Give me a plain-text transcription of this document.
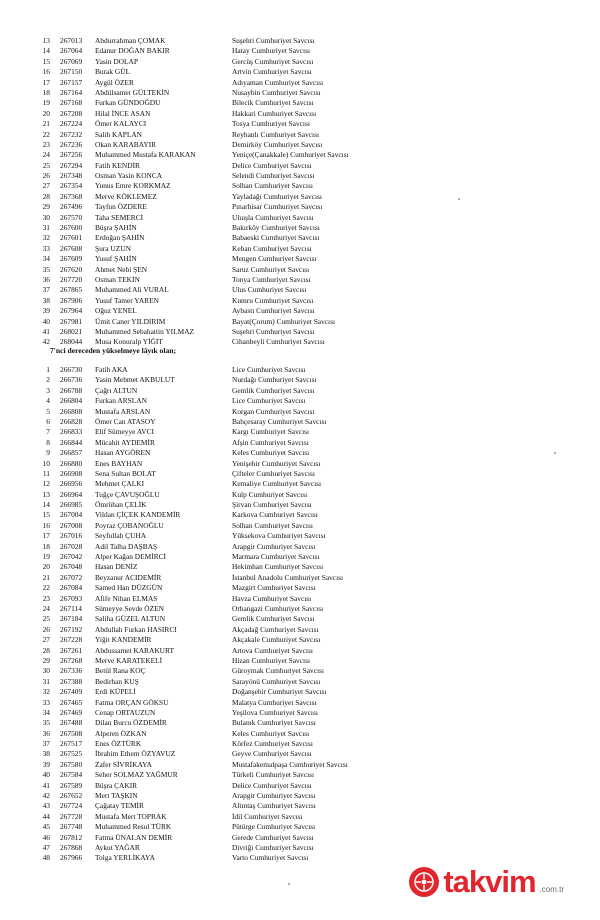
13 267013 Abdurrahman ÇOMAK	Suşehri Cumhuriyet Savcısı
14 267064 Edanur DOĞAN BAKIR	Hatay Cumhuriyet Savcısı
15 267069 Yasin DOLAP	Gercüş Cumhuriyet Savcısı
16 267150 Burak GÜL	Artvin Cumhuriyet Savcısı
17 267157 Aygül ÖZER	Adıyaman Cumhuriyet Savcısı
18 267164 Abdülsamet GÜLTEKİN	Nusaybin Cumhuriyet Savcısı
19 267168 Furkan GÜNDOĞDU	Bilecik Cumhuriyet Savcısı
20 267208 Hilal İNCE ASAN	Hakkari Cumhuriyet Savcısı
21 267224 Ömer KALAYCI	Tosya Cumhuriyet Savcısı
22 267232 Salih KAPLAN	Reyhanlı Cumhuriyet Savcısı
23 267236 Okan KARABAYIR	Demirköy Cumhuriyet Savcısı
24 267256 Muhammed Mustafa KARAKAN	Yeniçe(Çanakkale) Cumhuriyet Savcısı
25 267294 Fatih KENDİR	Delice Cumhuriyet Savcısı
26 267348 Osman Yasin KONCA	Selendi Cumhuriyet Savcısı
27 267354 Yunus Emre KORKMAZ	Solhan Cumhuriyet Savcısı
28 267368 Merve KÖKLEMEZ	Yayladağı Cumhuriyet Savcısı
29 267496 Tayfun ÖZDERE	Pınarhisar Cumhuriyet Savcısı
30 267570 Taha SEMERCİ	Uluışla Cumhuriyet Savcısı
31 267600 Büşra ŞAHİN	Bakırköy Cumhuriyet Savcısı
32 267601 Erdoğan ŞAHİN	Babaeski Cumhuriyet Savcısı
33 267608 Şura UZUN	Keban Cumhuriyet Savcısı
34 267609 Yusuf ŞAHİN	Mengen Cumhuriyet Savcısı
35 267620 Ahmet Nebi ŞEN	Saruz Cumhuriyet Savcısı
36 267720 Osman TEKİN	Tonya Cumhuriyet Savcısı
37 267865 Muhammed Ali VURAL	Ulus Cumhuriyet Savcısı
38 267906 Yusuf Tamer YAREN	Kumru Cumhuriyet Savcısı
39 267964 Oğuz YENEL	Aybastı Cumhuriyet Savcısı
40 267981 Ümit Caner YILDIRIM	Bayat(Çorum) Cumhuriyet Savcısı
41 268021 Muhammed Sebahattin YILMAZ	Suşehri Cumhuriyet Savcısı
42 268044 Musa Konuralp YİĞİT	Cihanbeyli Cumhuriyet Savcısı
7'nci dereceden yükselmeye lâyık olan;
1 266730 Fatih AKA	Lice Cumhuriyet Savcısı
2 266736 Yasin Mehmet AKBULUT	Nurdağı Cumhuriyet Savcısı
3 266788 Çağrı ALTUN	Gemlik Cumhuriyet Savcısı
4 266804 Furkan ARSLAN	Lice Cumhuriyet Savcısı
5 266808 Mustafa ARSLAN	Korgan Cumhuriyet Savcısı
6 266828 Ömer Can ATASOY	Bahçesaray Cumhuriyet Savcısı
7 266833 Elif Sümeyye AVCI	Kargı Cumhuriyet Savcısı
8 266844 Mücahit AYDEMİR	Afşin Cumhuriyet Savcısı
9 266857 Hasan AYGÖREN	Keles Cumhuriyet Savcısı
10 266880 Enes BAYHAN	Yenişehir Cumhuriyet Savcısı
11 266908 Sena Sultan BOLAT	Çifteler Cumhuriyet Savcısı
12 266956 Mehmet ÇALKI	Kemaliye Cumhuriyet Savcısı
13 266964 Tuğçe ÇAVUŞOĞLU	Kulp Cumhuriyet Savcısı
14 266985 Ömrühan ÇELİK	Şirvan Cumhuriyet Savcısı
15 267004 Vildan ÇİÇEK KANDEMİR	Karkova Cumhuriyet Savcısı
16 267008 Poyraz ÇOBANOĞLU	Solhan Cumhuriyet Savcısı
17 267016 Seyfullah ÇUHA	Yüksekova Cumhuriyet Savcısı
18 267028 Adil Talha DAŞBAŞ	Arapgir Cumhuriyet Savcısı
19 267042 Alper Kağan DEMİRCİ	Marmara Cumhuriyet Savcısı
20 267048 Hasan DENİZ	Hekimhan Cumhuriyet Savcısı
21 267072 Beyzanur ACIDEMİR	İstanbul Anadolu Cumhuriyet Savcısı
22 267084 Samed Han DÜZGÜN	Mazgirt Cumhuriyet Savcısı
23 267093 Afife Nihan ELMAS	Havza Cumhuriyet Savcısı
24 267114 Sümeyye Sevde ÖZEN	Orhangazi Cumhuriyet Savcısı
25 267184 Saliha GÜZEL ALTUN	Gemlik Cumhuriyet Savcısı
26 267192 Abdullah Furkan HASIRCI	Akçadağ Cumhuriyet Savcısı
27 267228 Yiğit KANDEMİR	Akçakale Cumhuriyet Savcısı
28 267261 Abdussamet KARAKURT	Artova Cumhuriyet Savcısı
29 267268 Merve KARATEKELİ	Hizan Cumhuriyet Savcısı
30 267336 Betül Rana KOÇ	Güroymak Cumhuriyet Savcısı
31 267388 Bedirhan KUŞ	Sarayönü Cumhuriyet Savcısı
32 267409 Erdi KÜPELİ	Doğanşehir Cumhuriyet Savcısı
33 267465 Fatma ORÇAN GÖKSU	Malatya Cumhuriyet Savcısı
34 267469 Cenap ORTAUZUN	Yeşilova Cumhuriyet Savcısı
35 267488 Dilan Burcu ÖZDEMİR	Bulanık Cumhuriyet Savcısı
36 267508 Alperen ÖZKAN	Keles Cumhuriyet Savcısı
37 267517 Enes ÖZTÜRK	Körfez Cumhuriyet Savcısı
38 267525 İbrahim Ethem ÖZYAVUZ	Geyve Cumhuriyet Savcısı
39 267580 Zafer SİVRİKAYA	Mustafakemalpaşa Cumhuriyet Savcısı
40 267584 Seher SOLMAZ YAĞMUR	Türkeli Cumhuriyet Savcısı
41 267589 Büşra ÇAKIR	Delice Cumhuriyet Savcısı
42 267652 Mert TAŞKIN	Arapgir Cumhuriyet Savcısı
43 267724 Çağatay TEMİR	Altıntaş Cumhuriyet Savcısı
44 267728 Mustafa Mert TOPRAK	İdil Cumhuriyet Savcısı
45 267748 Muhammed Resul TÜRK	Pütürge Cumhuriyet Savcısı
46 267812 Fatma ÜNALAN DEMİR	Gerede Cumhuriyet Savcısı
47 267868 Aykut YAĞAR	Divriği Cumhuriyet Savcısı
48 267966 Tolga YERLİKAYA	Varto Cumhuriyet Savcısı
takvim .com.tr
